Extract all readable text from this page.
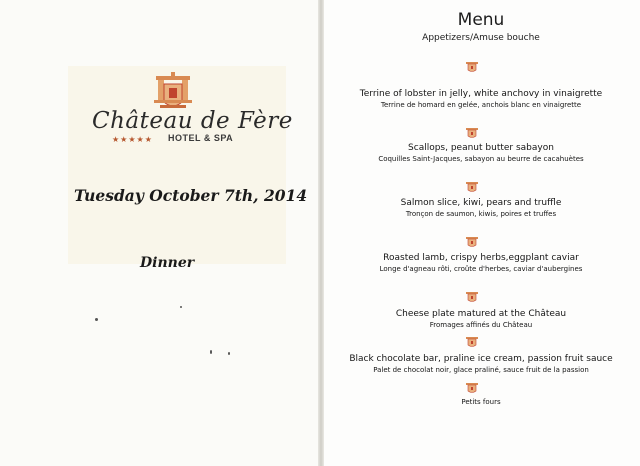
Château de Fère
★★★★★ HOTEL & SPA
Tuesday October 7th, 2014
Dinner
Menu
Appetizers/Amuse bouche
Terrine of lobster in jelly, white anchovy in vinaigrette
Terrine de homard en gelée, anchois blanc en vinaigrette
Scallops, peanut butter sabayon
Coquilles Saint-Jacques, sabayon au beurre de cacahuètes
Salmon slice, kiwi, pears and truffle
Tronçon de saumon, kiwis, poires et truffes
Roasted lamb, crispy herbs,eggplant caviar
Longe d'agneau rôti, croûte d'herbes, caviar d'aubergines
Cheese plate matured at the Château
Fromages affinés du Château
Black chocolate bar, praline ice cream, passion fruit sauce
Palet de chocolat noir, glace praliné, sauce fruit de la passion
Petits fours
